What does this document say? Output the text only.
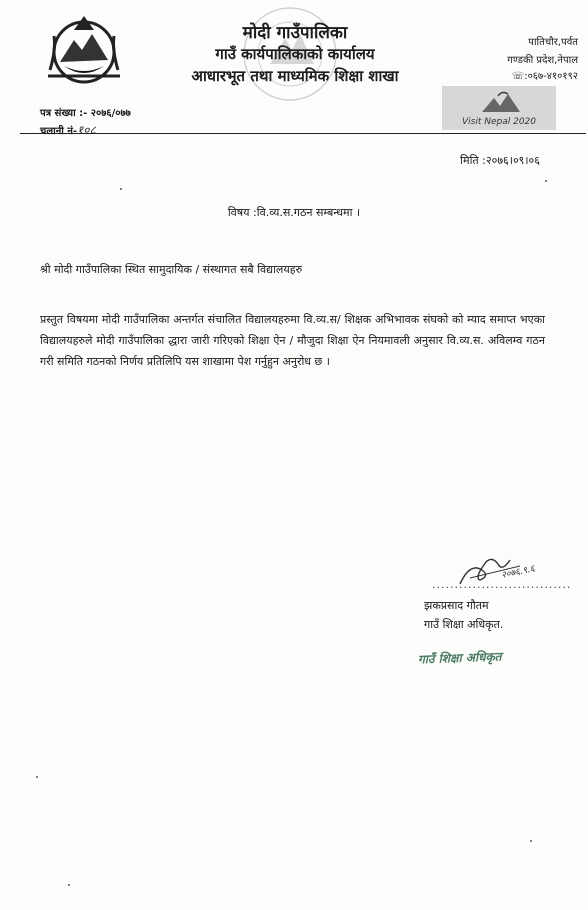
मोदी गाउँपालिका
गाउँ कार्यपालिकाको कार्यालय
आधारभूत तथा माध्यमिक शिक्षा शाखा
पातिचौर,पर्वत
गण्डकी प्रदेश,नेपाल
☏:०६७-४१०१९२
Visit Nepal 2020
पत्र संख्या :- २०७६/०७७
चलानी नं-१०८
मिति :२०७६।०९।०६
विषय :वि.व्य.स.गठन सम्बन्धमा ।
श्री मोदी गाउँपालिका स्थित सामुदायिक / संस्थागत सबै विद्यालयहरु
प्रस्तुत विषयमा मोदी गाउँपालिका अन्तर्गत संचालित विद्यालयहरुमा वि.व्य.स/ शिक्षक अभिभावक संघको को म्याद समाप्त भएका विद्यालयहरुले मोदी गाउँपालिका द्धारा जारी गरिएको शिक्षा ऐन / मौजुदा शिक्षा ऐन नियमावली अनुसार वि.व्य.स. अविलम्व गठन गरी समिति गठनको निर्णय प्रतिलिपि यस शाखामा पेश गर्नुहुन अनुरोध छ ।
२०७६.९.६
...............................
झकप्रसाद गौतम
गाउँ शिक्षा अधिकृत.
गाउँ शिक्षा अधिकृत
